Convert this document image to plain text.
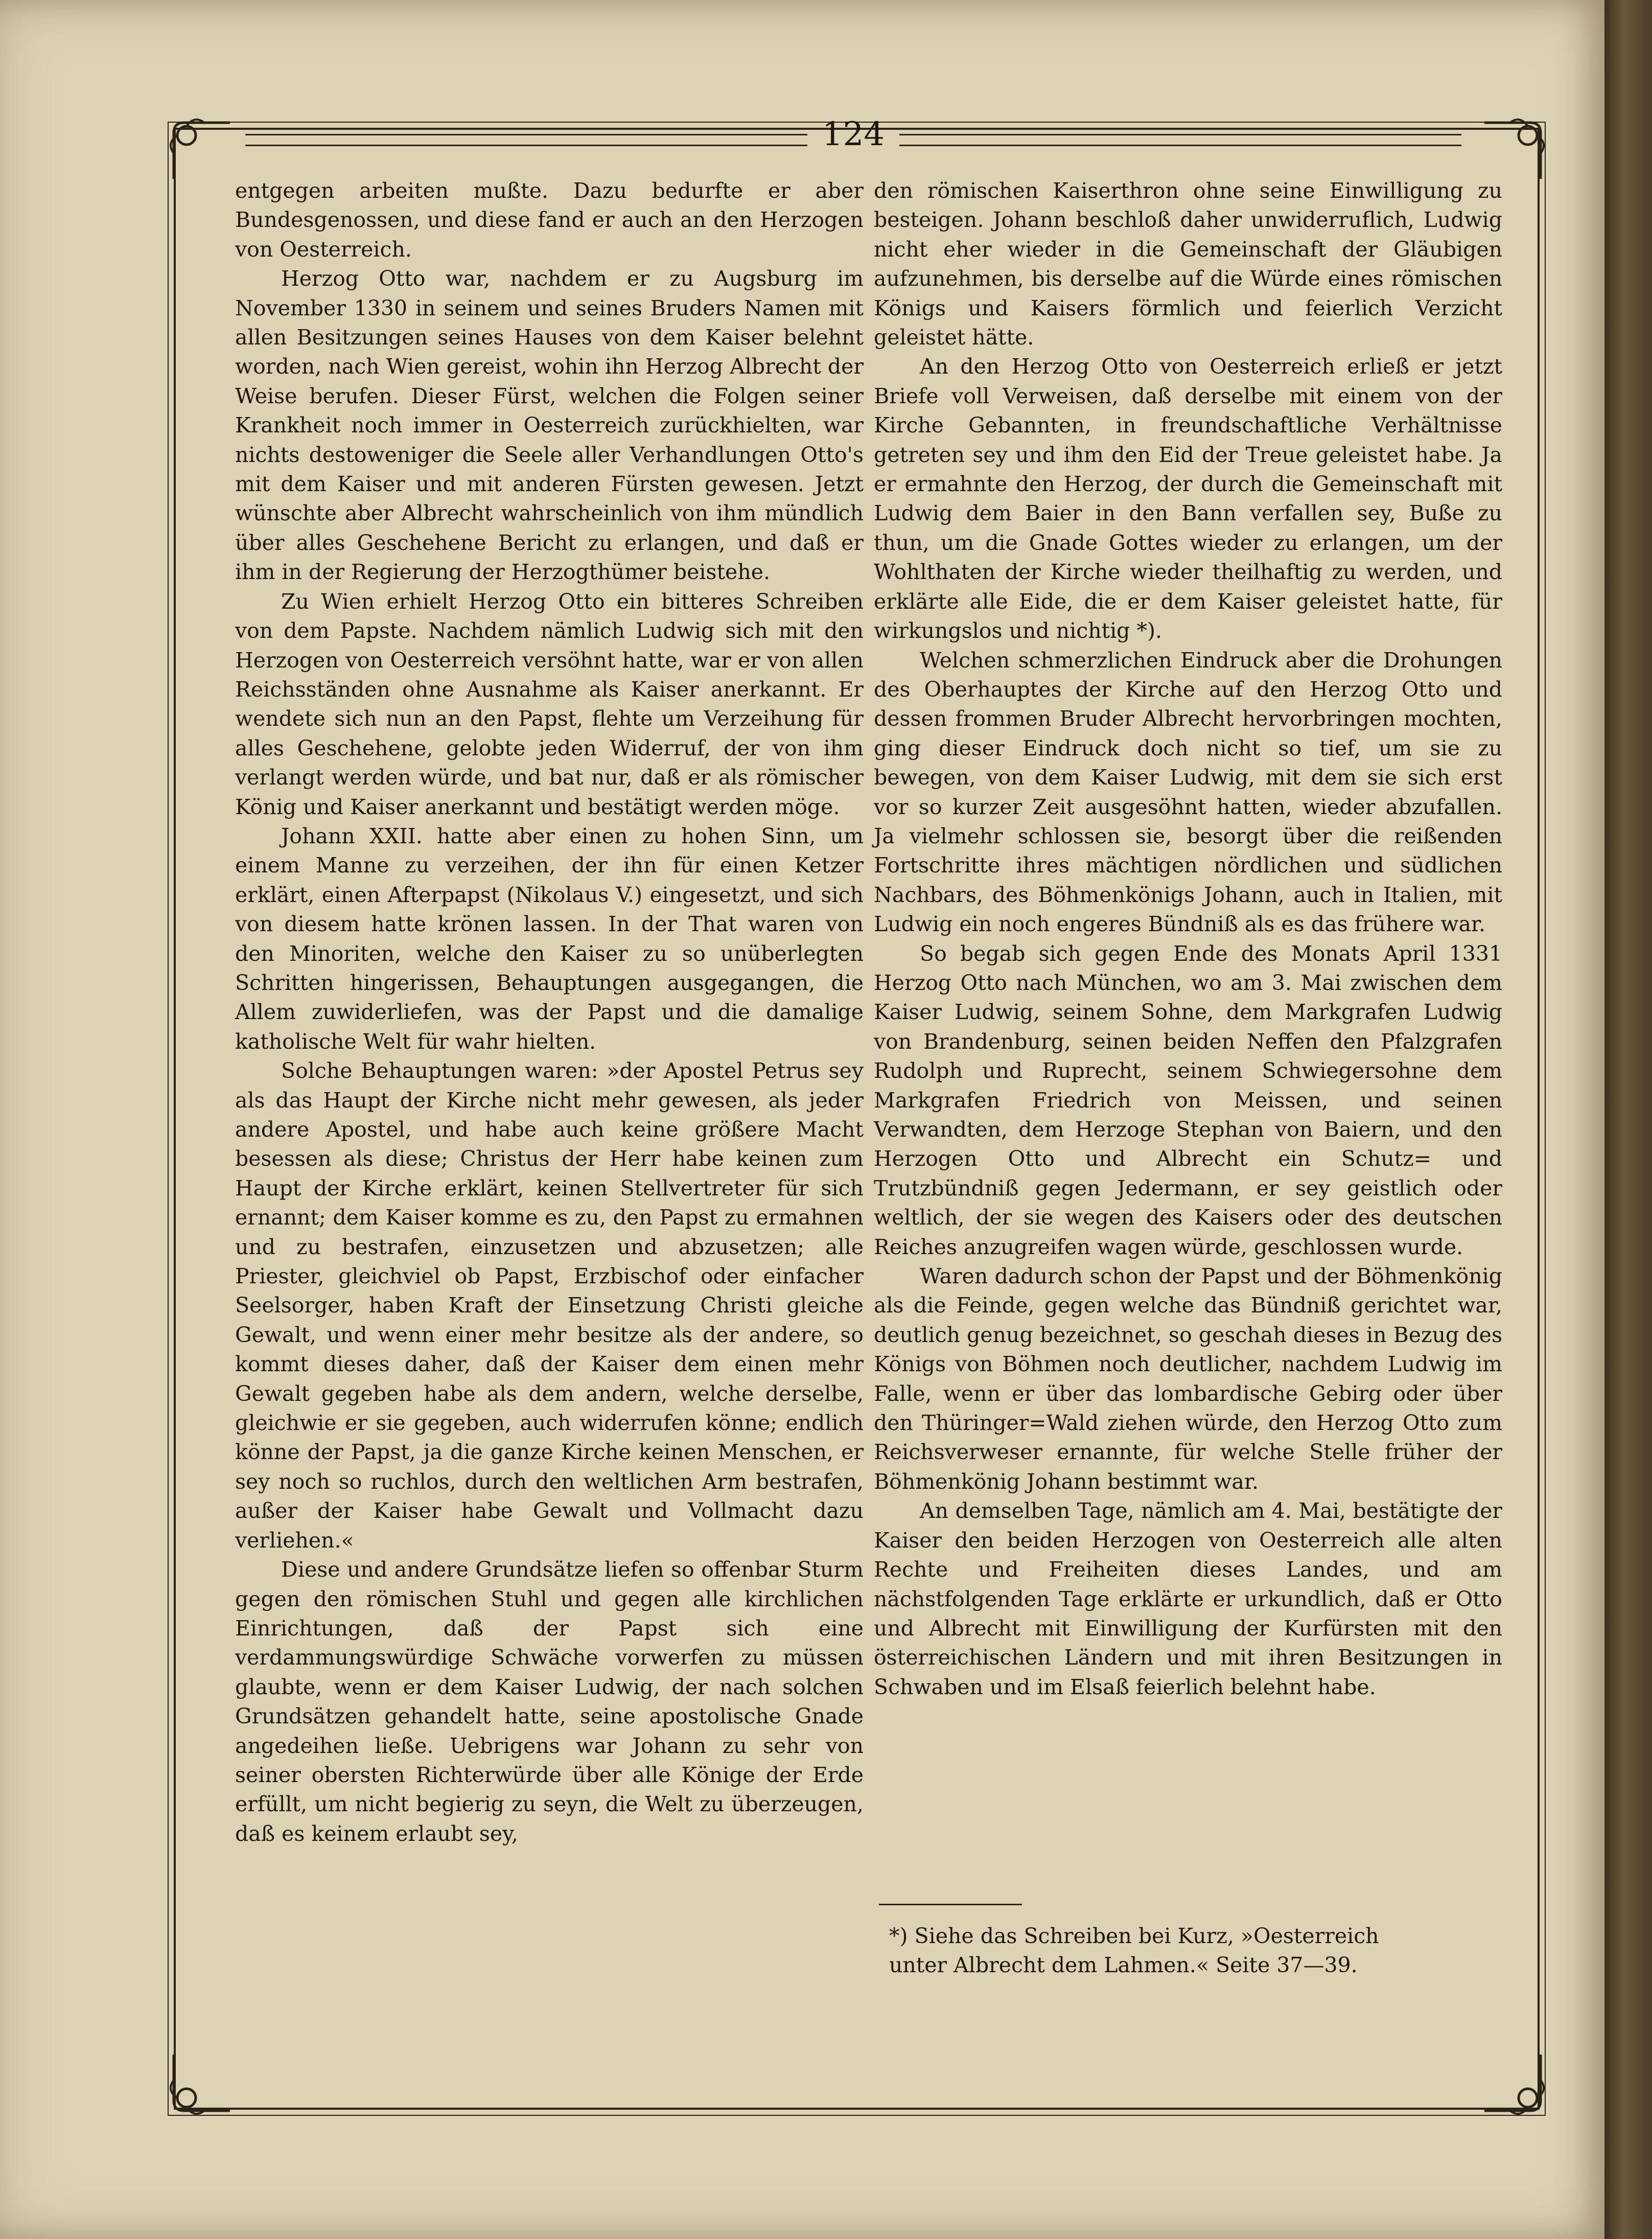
124

entgegen arbeiten mußte. Dazu bedurfte er aber Bundesgenossen, und diese fand er auch an den Herzogen von Oesterreich.

Herzog Otto war, nachdem er zu Augsburg im November 1330 in seinem und seines Bruders Namen mit allen Besitzungen seines Hauses von dem Kaiser belehnt worden, nach Wien gereist, wohin ihn Herzog Albrecht der Weise berufen. Dieser Fürst, welchen die Folgen seiner Krankheit noch immer in Oesterreich zurückhielten, war nichts destoweniger die Seele aller Verhandlungen Otto's mit dem Kaiser und mit anderen Fürsten gewesen. Jetzt wünschte aber Albrecht wahrscheinlich von ihm mündlich über alles Geschehene Bericht zu erlangen, und daß er ihm in der Regierung der Herzogthümer beistehe.

Zu Wien erhielt Herzog Otto ein bitteres Schreiben von dem Papste. Nachdem nämlich Ludwig sich mit den Herzogen von Oesterreich versöhnt hatte, war er von allen Reichsständen ohne Ausnahme als Kaiser anerkannt. Er wendete sich nun an den Papst, flehte um Verzeihung für alles Geschehene, gelobte jeden Widerruf, der von ihm verlangt werden würde, und bat nur, daß er als römischer König und Kaiser anerkannt und bestätigt werden möge.

Johann XXII. hatte aber einen zu hohen Sinn, um einem Manne zu verzeihen, der ihn für einen Ketzer erklärt, einen Afterpapst (Nikolaus V.) eingesetzt, und sich von diesem hatte krönen lassen. In der That waren von den Minoriten, welche den Kaiser zu so unüberlegten Schritten hingerissen, Behauptungen ausgegangen, die Allem zuwiderliefen, was der Papst und die damalige katholische Welt für wahr hielten.

Solche Behauptungen waren: »der Apostel Petrus sey als das Haupt der Kirche nicht mehr gewesen, als jeder andere Apostel, und habe auch keine größere Macht besessen als diese; Christus der Herr habe keinen zum Haupt der Kirche erklärt, keinen Stellvertreter für sich ernannt; dem Kaiser komme es zu, den Papst zu ermahnen und zu bestrafen, einzusetzen und abzusetzen; alle Priester, gleichviel ob Papst, Erzbischof oder einfacher Seelsorger, haben Kraft der Einsetzung Christi gleiche Gewalt, und wenn einer mehr besitze als der andere, so kommt dieses daher, daß der Kaiser dem einen mehr Gewalt gegeben habe als dem andern, welche derselbe, gleichwie er sie gegeben, auch widerrufen könne; endlich könne der Papst, ja die ganze Kirche keinen Menschen, er sey noch so ruchlos, durch den weltlichen Arm bestrafen, außer der Kaiser habe Gewalt und Vollmacht dazu verliehen.«

Diese und andere Grundsätze liefen so offenbar Sturm gegen den römischen Stuhl und gegen alle kirchlichen Einrichtungen, daß der Papst sich eine verdammungswürdige Schwäche vorwerfen zu müssen glaubte, wenn er dem Kaiser Ludwig, der nach solchen Grundsätzen gehandelt hatte, seine apostolische Gnade angedeihen ließe. Uebrigens war Johann zu sehr von seiner obersten Richterwürde über alle Könige der Erde erfüllt, um nicht begierig zu seyn, die Welt zu überzeugen, daß es keinem erlaubt sey,

den römischen Kaiserthron ohne seine Einwilligung zu besteigen. Johann beschloß daher unwiderruflich, Ludwig nicht eher wieder in die Gemeinschaft der Gläubigen aufzunehmen, bis derselbe auf die Würde eines römischen Königs und Kaisers förmlich und feierlich Verzicht geleistet hätte.

An den Herzog Otto von Oesterreich erließ er jetzt Briefe voll Verweisen, daß derselbe mit einem von der Kirche Gebannten, in freundschaftliche Verhältnisse getreten sey und ihm den Eid der Treue geleistet habe. Ja er ermahnte den Herzog, der durch die Gemeinschaft mit Ludwig dem Baier in den Bann verfallen sey, Buße zu thun, um die Gnade Gottes wieder zu erlangen, um der Wohlthaten der Kirche wieder theilhaftig zu werden, und erklärte alle Eide, die er dem Kaiser geleistet hatte, für wirkungslos und nichtig *).

Welchen schmerzlichen Eindruck aber die Drohungen des Oberhauptes der Kirche auf den Herzog Otto und dessen frommen Bruder Albrecht hervorbringen mochten, ging dieser Eindruck doch nicht so tief, um sie zu bewegen, von dem Kaiser Ludwig, mit dem sie sich erst vor so kurzer Zeit ausgesöhnt hatten, wieder abzufallen. Ja vielmehr schlossen sie, besorgt über die reißenden Fortschritte ihres mächtigen nördlichen und südlichen Nachbars, des Böhmenkönigs Johann, auch in Italien, mit Ludwig ein noch engeres Bündniß als es das frühere war.

So begab sich gegen Ende des Monats April 1331 Herzog Otto nach München, wo am 3. Mai zwischen dem Kaiser Ludwig, seinem Sohne, dem Markgrafen Ludwig von Brandenburg, seinen beiden Neffen den Pfalzgrafen Rudolph und Ruprecht, seinem Schwiegersohne dem Markgrafen Friedrich von Meissen, und seinen Verwandten, dem Herzoge Stephan von Baiern, und den Herzogen Otto und Albrecht ein Schutz= und Trutzbündniß gegen Jedermann, er sey geistlich oder weltlich, der sie wegen des Kaisers oder des deutschen Reiches anzugreifen wagen würde, geschlossen wurde.

Waren dadurch schon der Papst und der Böhmenkönig als die Feinde, gegen welche das Bündniß gerichtet war, deutlich genug bezeichnet, so geschah dieses in Bezug des Königs von Böhmen noch deutlicher, nachdem Ludwig im Falle, wenn er über das lombardische Gebirg oder über den Thüringer=Wald ziehen würde, den Herzog Otto zum Reichsverweser ernannte, für welche Stelle früher der Böhmenkönig Johann bestimmt war.

An demselben Tage, nämlich am 4. Mai, bestätigte der Kaiser den beiden Herzogen von Oesterreich alle alten Rechte und Freiheiten dieses Landes, und am nächstfolgenden Tage erklärte er urkundlich, daß er Otto und Albrecht mit Einwilligung der Kurfürsten mit den österreichischen Ländern und mit ihren Besitzungen in Schwaben und im Elsaß feierlich belehnt habe.

*) Siehe das Schreiben bei Kurz, »Oesterreich unter Albrecht dem Lahmen.« Seite 37—39.
